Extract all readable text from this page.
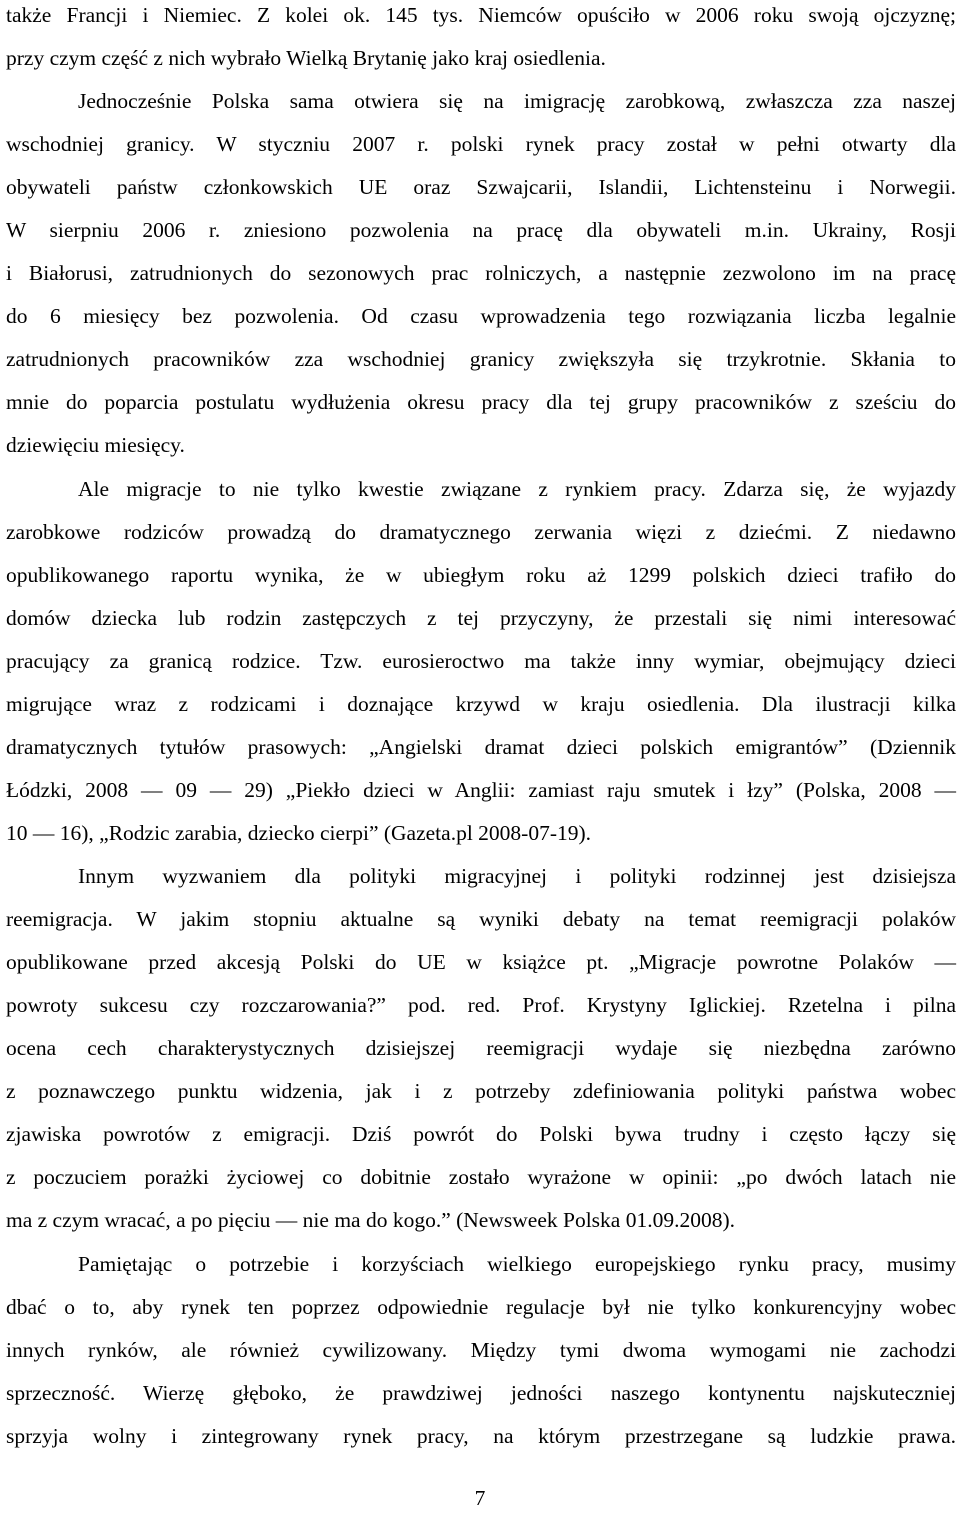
także Francji i Niemiec. Z kolei ok. 145 tys. Niemców opuściło w 2006 roku swoją ojczyznę;
przy czym część z nich wybrało Wielką Brytanię jako kraj osiedlenia.
Jednocześnie Polska sama otwiera się na imigrację zarobkową, zwłaszcza zza naszej
wschodniej granicy. W styczniu 2007 r. polski rynek pracy został w pełni otwarty dla
obywateli państw członkowskich UE oraz Szwajcarii, Islandii, Lichtensteinu i Norwegii.
W sierpniu 2006 r. zniesiono pozwolenia na pracę dla obywateli m.in. Ukrainy, Rosji
i Białorusi, zatrudnionych do sezonowych prac rolniczych, a następnie zezwolono im na pracę
do 6 miesięcy bez pozwolenia. Od czasu wprowadzenia tego rozwiązania liczba legalnie
zatrudnionych pracowników zza wschodniej granicy zwiększyła się trzykrotnie. Skłania to
mnie do poparcia postulatu wydłużenia okresu pracy dla tej grupy pracowników z sześciu do
dziewięciu miesięcy.
Ale migracje to nie tylko kwestie związane z rynkiem pracy. Zdarza się, że wyjazdy
zarobkowe rodziców prowadzą do dramatycznego zerwania więzi z dziećmi. Z niedawno
opublikowanego raportu wynika, że w ubiegłym roku aż 1299 polskich dzieci trafiło do
domów dziecka lub rodzin zastępczych z tej przyczyny, że przestali się nimi interesować
pracujący za granicą rodzice. Tzw. eurosieroctwo ma także inny wymiar, obejmujący dzieci
migrujące wraz z rodzicami i doznające krzywd w kraju osiedlenia. Dla ilustracji kilka
dramatycznych tytułów prasowych: „Angielski dramat dzieci polskich emigrantów” (Dziennik
Łódzki, 2008 — 09 — 29) „Piekło dzieci w Anglii: zamiast raju smutek i łzy” (Polska, 2008 —
10 — 16), „Rodzic zarabia, dziecko cierpi” (Gazeta.pl 2008-07-19).
Innym wyzwaniem dla polityki migracyjnej i polityki rodzinnej jest dzisiejsza
reemigracja. W jakim stopniu aktualne są wyniki debaty na temat reemigracji polaków
opublikowane przed akcesją Polski do UE w książce pt. „Migracje powrotne Polaków —
powroty sukcesu czy rozczarowania?” pod. red. Prof. Krystyny Iglickiej. Rzetelna i pilna
ocena cech charakterystycznych dzisiejszej reemigracji wydaje się niezbędna zarówno
z poznawczego punktu widzenia, jak i z potrzeby zdefiniowania polityki państwa wobec
zjawiska powrotów z emigracji. Dziś powrót do Polski bywa trudny i często łączy się
z poczuciem porażki życiowej co dobitnie zostało wyrażone w opinii: „po dwóch latach nie
ma z czym wracać, a po pięciu — nie ma do kogo.” (Newsweek Polska 01.09.2008).
Pamiętając o potrzebie i korzyściach wielkiego europejskiego rynku pracy, musimy
dbać o to, aby rynek ten poprzez odpowiednie regulacje był nie tylko konkurencyjny wobec
innych rynków, ale również cywilizowany. Między tymi dwoma wymogami nie zachodzi
sprzeczność. Wierzę głęboko, że prawdziwej jedności naszego kontynentu najskuteczniej
sprzyja wolny i zintegrowany rynek pracy, na którym przestrzegane są ludzkie prawa.
7
